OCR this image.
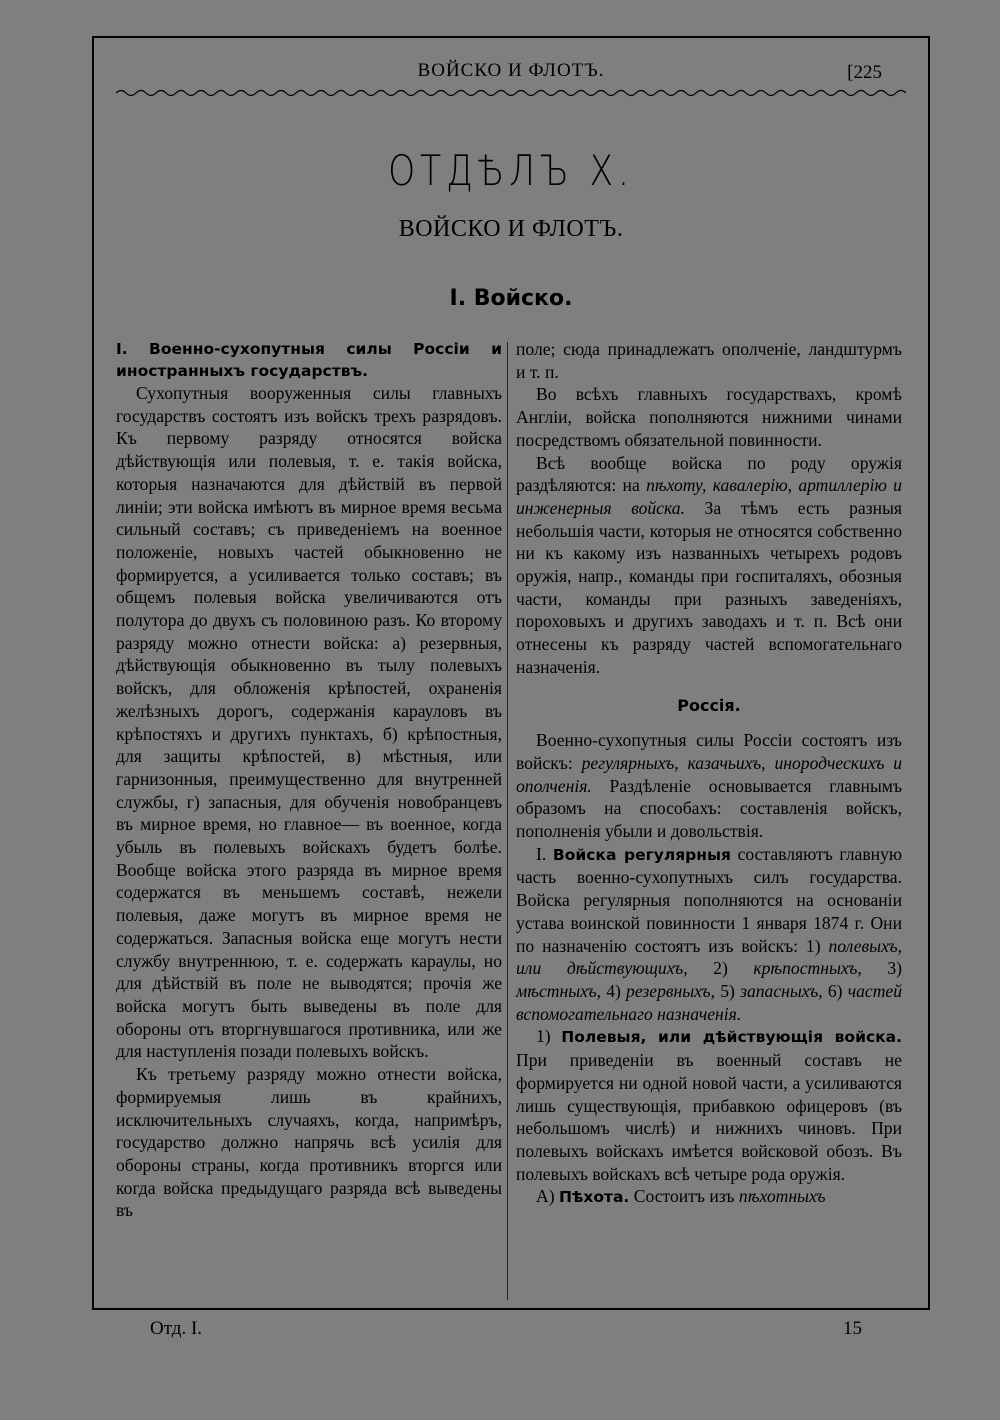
ВОЙСКО И ФЛОТЪ.	[225
ОТДѢЛЪ X.
ВОЙСКО И ФЛОТЪ.
I. Войско.

I. Военно-сухопутныя силы Россіи и иностранныхъ государствъ.

Сухопутныя вооруженныя силы главныхъ государствъ состоятъ изъ войскъ трехъ разрядовъ. Къ первому разряду относятся войска дѣйствующія или полевыя, т. е. такія войска, которыя назначаются для дѣйствій въ первой линіи; эти войска имѣютъ въ мирное время весьма сильный составъ; съ приведеніемъ на военное положеніе, новыхъ частей обыкновенно не формируется, а усиливается только составъ; въ общемъ полевыя войска увеличиваются отъ полутора до двухъ съ половиною разъ. Ко второму разряду можно отнести войска: а) резервныя, дѣйствующія обыкновенно въ тылу полевыхъ войскъ, для обложенія крѣпостей, охраненія желѣзныхъ дорогъ, содержанія карауловъ въ крѣпостяхъ и другихъ пунктахъ, б) крѣпостныя, для защиты крѣпостей, в) мѣстныя, или гарнизонныя, преимущественно для внутренней службы, г) запасныя, для обученія новобранцевъ въ мирное время, но главное— въ военное, когда убыль въ полевыхъ войскахъ будетъ болѣе. Вообще войска этого разряда въ мирное время содержатся въ меньшемъ составѣ, нежели полевыя, даже могутъ въ мирное время не содержаться. Запасныя войска еще могутъ нести службу внутреннюю, т. е. содержать караулы, но для дѣйствій въ поле не выводятся; прочія же войска могутъ быть выведены въ поле для обороны отъ вторгнувшагося противника, или же для наступленія позади полевыхъ войскъ.

Къ третьему разряду можно отнести войска, формируемыя лишь въ крайнихъ, исключительныхъ случаяхъ, когда, напримѣръ, государство должно напрячь всѣ усилія для обороны страны, когда противникъ вторгся или когда войска предыдущаго разряда всѣ выведены въ

поле; сюда принадлежатъ ополченіе, ландштурмъ и т. п.

Во всѣхъ главныхъ государствахъ, кромѣ Англіи, войска пополняются нижними чинами посредствомъ обязательной повинности.

Всѣ вообще войска по роду оружія раздѣляются: на пѣхоту, кавалерію, артиллерію и инженерныя войска. За тѣмъ есть разныя небольшія части, которыя не относятся собственно ни къ какому изъ названныхъ четырехъ родовъ оружія, напр., команды при госпиталяхъ, обозныя части, команды при разныхъ заведеніяхъ, пороховыхъ и другихъ заводахъ и т. п. Всѣ они отнесены къ разряду частей вспомогательнаго назначенія.

Россія.

Военно-сухопутныя силы Россіи состоятъ изъ войскъ: регулярныхъ, казачьихъ, инородческихъ и ополченія. Раздѣленіе основывается главнымъ образомъ на способахъ: составленія войскъ, пополненія убыли и довольствія.

I. Войска регулярныя составляютъ главную часть военно-сухопутныхъ силъ государства. Войска регулярныя пополняются на основаніи устава воинской повинности 1 января 1874 г. Они по назначенію состоятъ изъ войскъ: 1) полевыхъ, или дѣйствующихъ, 2) крѣпостныхъ, 3) мѣстныхъ, 4) резервныхъ, 5) запасныхъ, 6) частей вспомогательнаго назначенія.

1) Полевыя, или дѣйствующія войска. При приведеніи въ военный составъ не формируется ни одной новой части, а усиливаются лишь существующія, прибавкою офицеровъ (въ небольшомъ числѣ) и нижнихъ чиновъ. При полевыхъ войскахъ имѣется войсковой обозъ. Въ полевыхъ войскахъ всѣ четыре рода оружія.

А) Пѣхота. Состоитъ изъ пѣхотныхъ

Отд. I.	15
